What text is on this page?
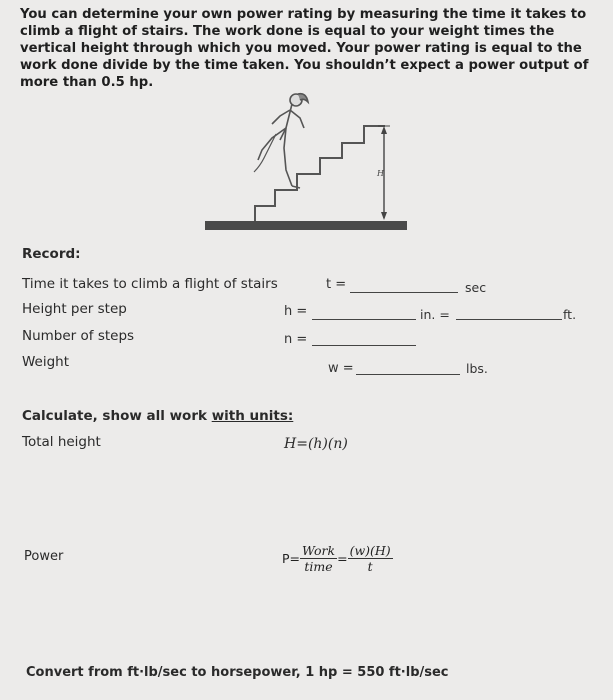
You can determine your own power rating by measuring the time it takes to climb a flight of stairs. The work done is equal to your weight times the vertical height through which you moved. Your power rating is equal to the work done divide by the time taken. You shouldn’t expect a power output of more than 0.5 hp.
H
Record:
Time it takes to climb a flight of stairs	t =	sec
Height per step	h =	in. =	ft.
Number of steps	n =
Weight	w =	lbs.
Calculate, show all work with units:
Total height	H=(h)(n)
Power	$P= \frac{\text{Work}}{\text{time}} = \frac{(w)(H)}{t}$
Convert from ft·lb/sec to horsepower, 1 hp = 550 ft·lb/sec
